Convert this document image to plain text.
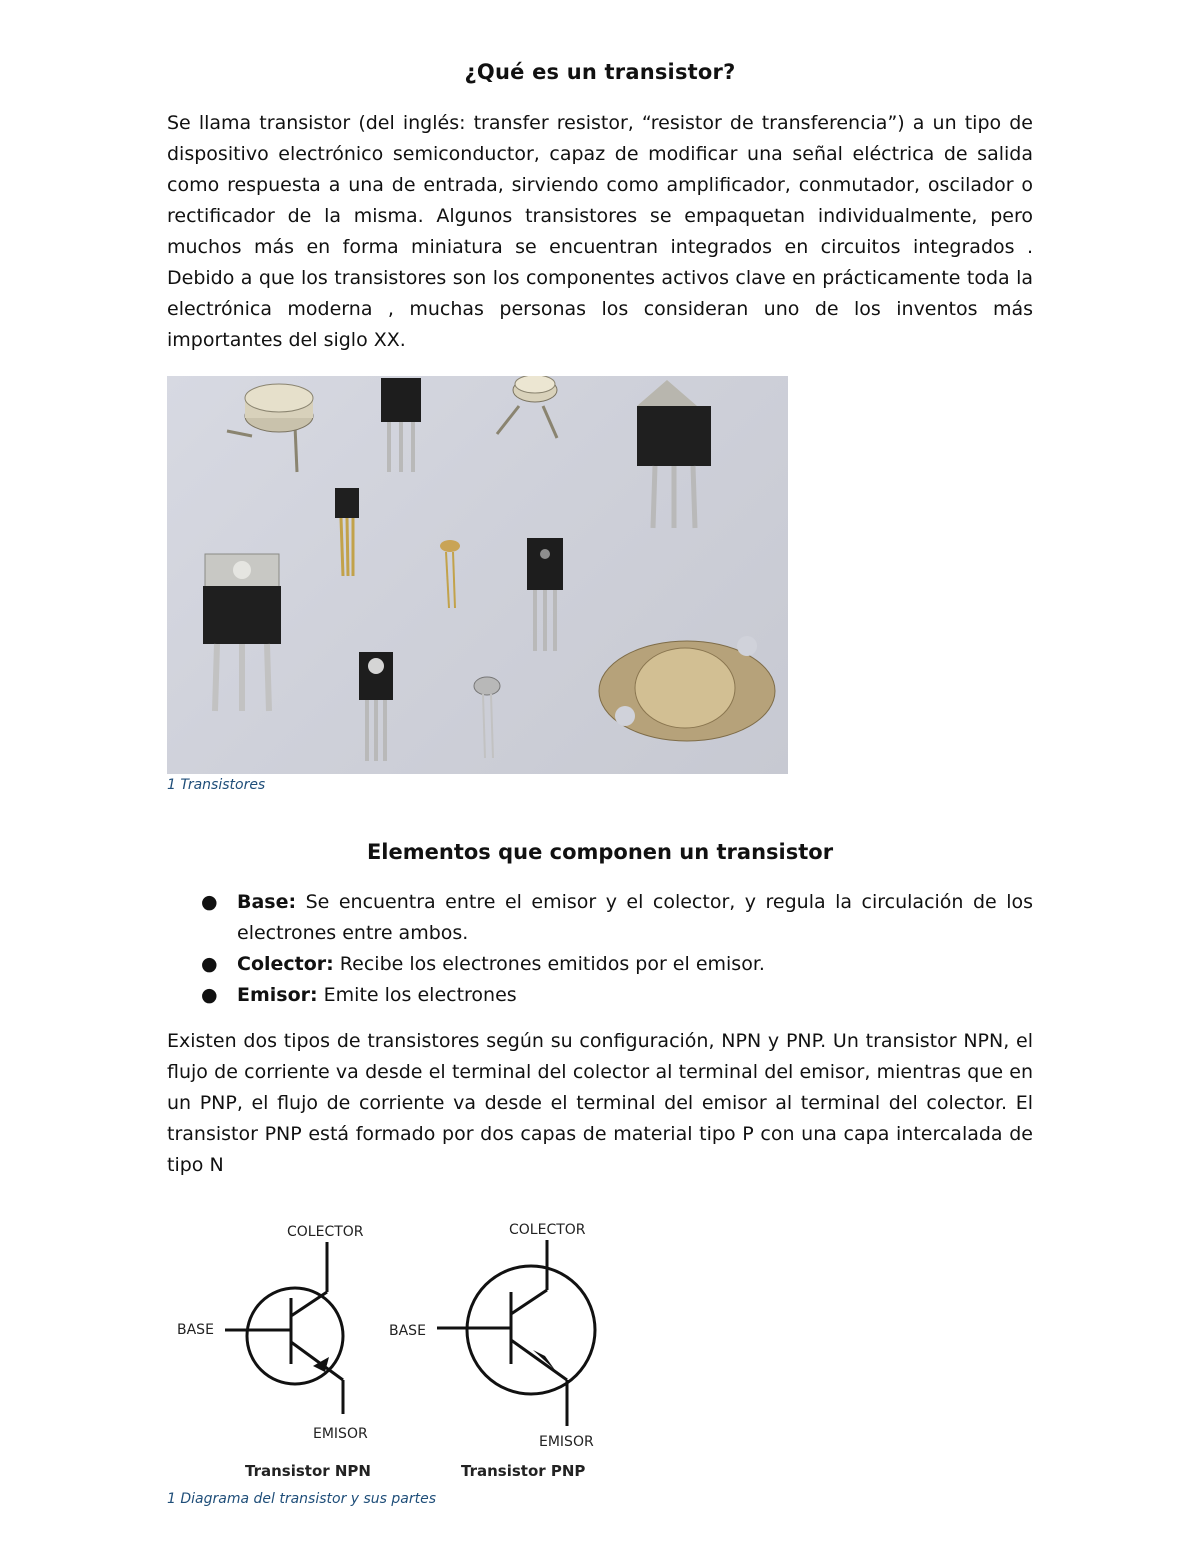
¿Qué es un transistor?

Se llama transistor (del inglés: transfer resistor, “resistor de transferencia”) a un tipo de dispositivo electrónico semiconductor, capaz de modificar una señal eléctrica de salida como respuesta a una de entrada, sirviendo como amplificador, conmutador, oscilador o rectificador de la misma. Algunos transistores se empaquetan individualmente, pero muchos más en forma miniatura se encuentran integrados en circuitos integrados . Debido a que los transistores son los componentes activos clave en prácticamente toda la electrónica moderna , muchas personas los consideran uno de los inventos más importantes del siglo XX.

1 Transistores
Elementos que componen un transistor
● Base: Se encuentra entre el emisor y el colector, y regula la circulación de los electrones entre ambos.
● Colector: Recibe los electrones emitidos por el emisor.
● Emisor: Emite los electrones

Existen dos tipos de transistores según su configuración, NPN y PNP. Un transistor NPN, el flujo de corriente va desde el terminal del colector al terminal del emisor, mientras que en un PNP, el flujo de corriente va desde el terminal del emisor al terminal del colector. El transistor PNP está formado por dos capas de material tipo P con una capa intercalada de tipo N

COLECTOR
BASE
EMISOR
Transistor NPN
COLECTOR
BASE
EMISOR
Transistor PNP
1 Diagrama del transistor y sus partes
